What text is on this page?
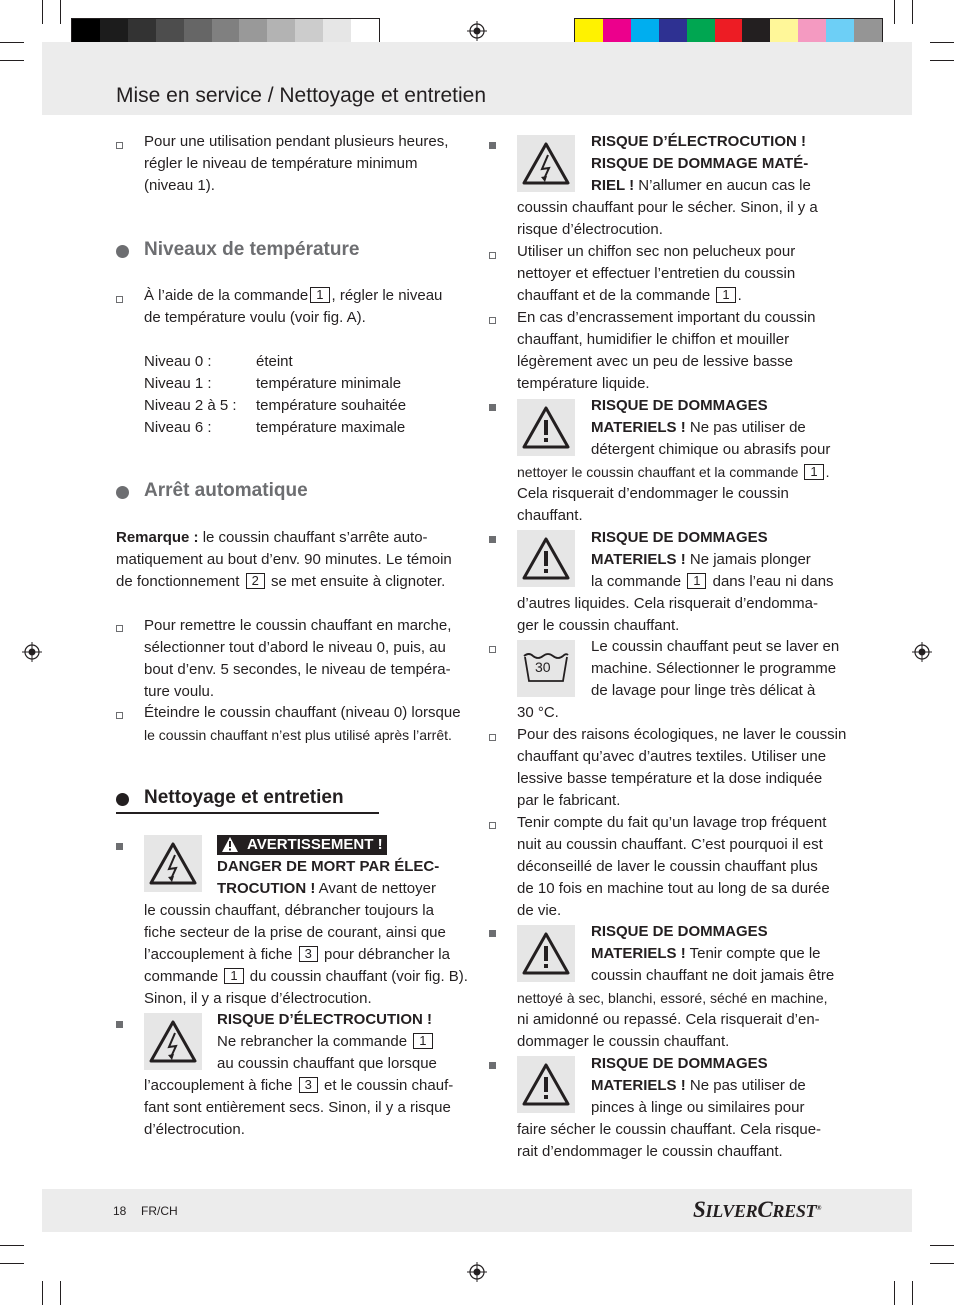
Mise en service / Nettoyage et entretien
Pour une utilisation pendant plusieurs heures,
régler le niveau de température minimum
(niveau 1).
Niveaux de température
À l’aide de la commande 1 , régler le niveau
de température voulu (voir fig. A).
Niveau 0 :	éteint
Niveau 1 :	température minimale
Niveau 2 à 5 : température souhaitée
Niveau 6 :	température maximale
Arrêt automatique
Remarque : le coussin chauffant s’arrête auto-
matiquement au bout d’env. 90 minutes. Le témoin
de fonctionnement 2 se met ensuite à clignoter.
Pour remettre le coussin chauffant en marche,
sélectionner tout d’abord le niveau 0, puis, au
bout d’env. 5 secondes, le niveau de tempéra-
ture voulu.
Éteindre le coussin chauffant (niveau 0) lorsque
le coussin chauffant n’est plus utilisé après l’arrêt.
Nettoyage et entretien
AVERTISSEMENT !
DANGER DE MORT PAR ÉLEC-
TROCUTION ! Avant de nettoyer
le coussin chauffant, débrancher toujours la
fiche secteur de la prise de courant, ainsi que
l’accouplement à fiche 3 pour débrancher la
commande 1 du coussin chauffant (voir fig. B).
Sinon, il y a risque d’électrocution.
RISQUE D’ÉLECTROCUTION !
Ne rebrancher la commande 1
au coussin chauffant que lorsque
l’accouplement à fiche 3 et le coussin chauf-
fant sont entièrement secs. Sinon, il y a risque
d’électrocution.
RISQUE D’ÉLECTROCUTION !
RISQUE DE DOMMAGE MATÉ-
RIEL ! N’allumer en aucun cas le
coussin chauffant pour le sécher. Sinon, il y a
risque d’électrocution.
Utiliser un chiffon sec non pelucheux pour
nettoyer et effectuer l’entretien du coussin
chauffant et de la commande 1 .
En cas d’encrassement important du coussin
chauffant, humidifier le chiffon et mouiller
légèrement avec un peu de lessive basse
température liquide.
RISQUE DE DOMMAGES
MATERIELS ! Ne pas utiliser de
détergent chimique ou abrasifs pour
nettoyer le coussin chauffant et la commande 1 .
Cela risquerait d’endommager le coussin
chauffant.
RISQUE DE DOMMAGES
MATERIELS ! Ne jamais plonger
la commande 1 dans l’eau ni dans
d’autres liquides. Cela risquerait d’endomma-
ger le coussin chauffant.
30
Le coussin chauffant peut se laver en
machine. Sélectionner le programme
de lavage pour linge très délicat à
30 °C.
Pour des raisons écologiques, ne laver le coussin
chauffant qu’avec d’autres textiles. Utiliser une
lessive basse température et la dose indiquée
par le fabricant.
Tenir compte du fait qu’un lavage trop fréquent
nuit au coussin chauffant. C’est pourquoi il est
déconseillé de laver le coussin chauffant plus
de 10 fois en machine tout au long de sa durée
de vie.
RISQUE DE DOMMAGES
MATERIELS ! Tenir compte que le
coussin chauffant ne doit jamais être
nettoyé à sec, blanchi, essoré, séché en machine,
ni amidonné ou repassé. Cela risquerait d’en-
dommager le coussin chauffant.
RISQUE DE DOMMAGES
MATERIELS ! Ne pas utiliser de
pinces à linge ou similaires pour
faire sécher le coussin chauffant. Cela risque-
rait d’endommager le coussin chauffant.
18 FR/CH	SILVERCREST®
